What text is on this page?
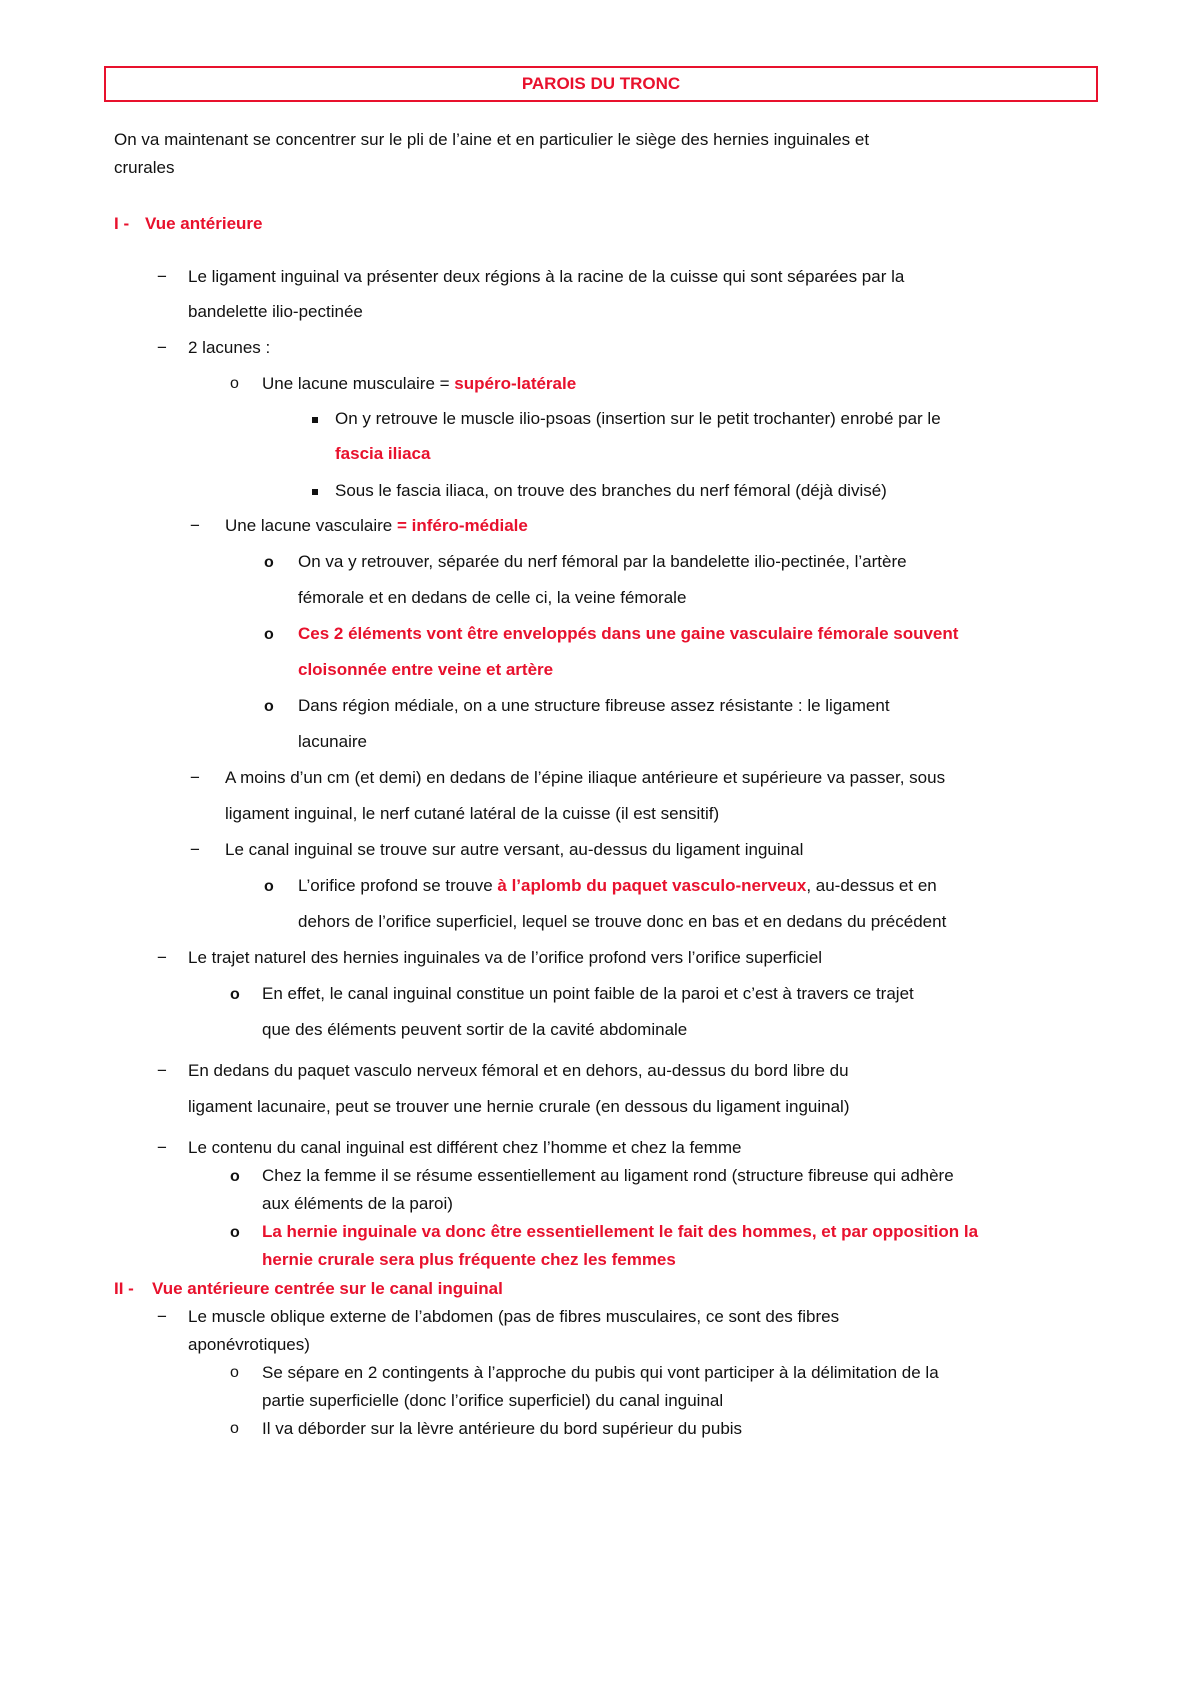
PAROIS DU TRONC
On va maintenant se concentrer sur le pli de l’aine et en particulier le siège des hernies inguinales et
crurales
I - Vue antérieure
− Le ligament inguinal va présenter deux régions à la racine de la cuisse qui sont séparées par la
bandelette ilio-pectinée
− 2 lacunes :
o Une lacune musculaire = supéro-latérale
On y retrouve le muscle ilio-psoas (insertion sur le petit trochanter) enrobé par le
fascia iliaca
Sous le fascia iliaca, on trouve des branches du nerf fémoral (déjà divisé)
− Une lacune vasculaire = inféro-médiale
o On va y retrouver, séparée du nerf fémoral par la bandelette ilio-pectinée, l’artère
fémorale et en dedans de celle ci, la veine fémorale
o Ces 2 éléments vont être enveloppés dans une gaine vasculaire fémorale souvent
cloisonnée entre veine et artère
o Dans région médiale, on a une structure fibreuse assez résistante : le ligament
lacunaire
− A moins d’un cm (et demi) en dedans de l’épine iliaque antérieure et supérieure va passer, sous
ligament inguinal, le nerf cutané latéral de la cuisse (il est sensitif)
− Le canal inguinal se trouve sur autre versant, au-dessus du ligament inguinal
o L’orifice profond se trouve à l’aplomb du paquet vasculo-nerveux, au-dessus et en
dehors de l’orifice superficiel, lequel se trouve donc en bas et en dedans du précédent
− Le trajet naturel des hernies inguinales va de l’orifice profond vers l’orifice superficiel
o En effet, le canal inguinal constitue un point faible de la paroi et c’est à travers ce trajet
que des éléments peuvent sortir de la cavité abdominale
− En dedans du paquet vasculo nerveux fémoral et en dehors, au-dessus du bord libre du
ligament lacunaire, peut se trouver une hernie crurale (en dessous du ligament inguinal)
− Le contenu du canal inguinal est différent chez l’homme et chez la femme
o Chez la femme il se résume essentiellement au ligament rond (structure fibreuse qui adhère
aux éléments de la paroi)
o La hernie inguinale va donc être essentiellement le fait des hommes, et par opposition la
hernie crurale sera plus fréquente chez les femmes
II - Vue antérieure centrée sur le canal inguinal
− Le muscle oblique externe de l’abdomen (pas de fibres musculaires, ce sont des fibres
aponévrotiques)
o Se sépare en 2 contingents à l’approche du pubis qui vont participer à la délimitation de la
partie superficielle (donc l’orifice superficiel) du canal inguinal
o Il va déborder sur la lèvre antérieure du bord supérieur du pubis
